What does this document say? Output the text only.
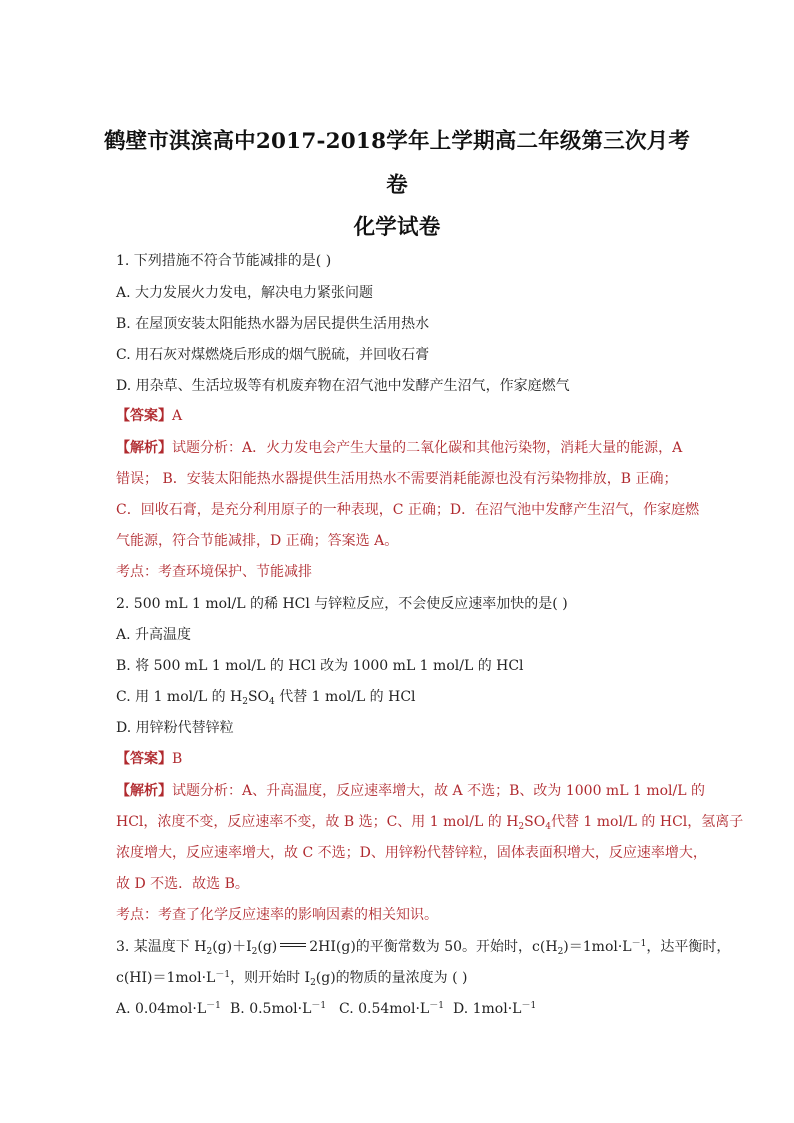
鹤壁市淇滨高中2017-2018学年上学期高二年级第三次月考
卷
化学试卷
1. 下列措施不符合节能减排的是( )
A. 大力发展火力发电，解决电力紧张问题
B. 在屋顶安装太阳能热水器为居民提供生活用热水
C. 用石灰对煤燃烧后形成的烟气脱硫，并回收石膏
D. 用杂草、生活垃圾等有机废弃物在沼气池中发酵产生沼气，作家庭燃气
【答案】A
【解析】试题分析：A．火力发电会产生大量的二氧化碳和其他污染物，消耗大量的能源，A
错误； B．安装太阳能热水器提供生活用热水不需要消耗能源也没有污染物排放，B 正确；
C．回收石膏，是充分利用原子的一种表现，C 正确；D．在沼气池中发酵产生沼气，作家庭燃
气能源，符合节能减排，D 正确；答案选 A。
考点：考查环境保护、节能减排
2. 500 mL 1 mol/L 的稀 HCl 与锌粒反应，不会使反应速率加快的是( )
A. 升高温度
B. 将 500 mL 1 mol/L 的 HCl 改为 1000 mL 1 mol/L 的 HCl
C. 用 1 mol/L 的 $H_2SO_4$ 代替 1 mol/L 的 HCl
D. 用锌粉代替锌粒
【答案】B
【解析】试题分析：A、升高温度，反应速率增大，故 A 不选；B、改为 1000 mL 1 mol/L 的
HCl，浓度不变，反应速率不变，故 B 选；C、用 1 mol/L 的 $H_2SO_4$代替 1 mol/L 的 HCl，氢离子
浓度增大，反应速率增大，故 C 不选；D、用锌粉代替锌粒，固体表面积增大，反应速率增大，
故 D 不选．故选 B。
考点：考查了化学反应速率的影响因素的相关知识。
3. 某温度下 $H_2(g)+I_2(g)$ 2HI(g)的平衡常数为 50。开始时，$c(H_2)=1mol\cdot L^{-1}$，达平衡时，
$c(HI)=1mol\cdot L^{-1}$，则开始时 $I_2(g)$的物质的量浓度为 ( )
A. $0.04mol\cdot L^{-1}$ B. $0.5mol\cdot L^{-1}$ C. $0.54mol\cdot L^{-1}$ D. $1mol\cdot L^{-1}$
